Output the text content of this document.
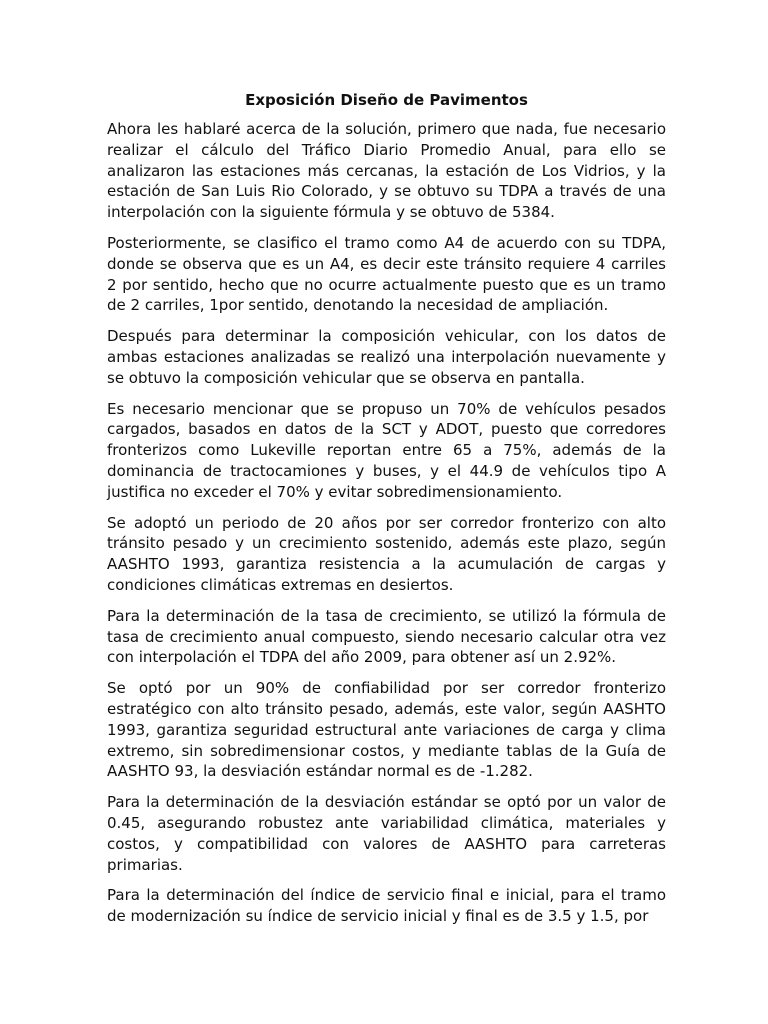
Exposición Diseño de Pavimentos

Ahora les hablaré acerca de la solución, primero que nada, fue necesario realizar el cálculo del Tráfico Diario Promedio Anual, para ello se analizaron las estaciones más cercanas, la estación de Los Vidrios, y la estación de San Luis Rio Colorado, y se obtuvo su TDPA a través de una interpolación con la siguiente fórmula y se obtuvo de 5384.

Posteriormente, se clasifico el tramo como A4 de acuerdo con su TDPA, donde se observa que es un A4, es decir este tránsito requiere 4 carriles 2 por sentido, hecho que no ocurre actualmente puesto que es un tramo de 2 carriles, 1por sentido, denotando la necesidad de ampliación.

Después para determinar la composición vehicular, con los datos de ambas estaciones analizadas se realizó una interpolación nuevamente y se obtuvo la composición vehicular que se observa en pantalla.

Es necesario mencionar que se propuso un 70% de vehículos pesados cargados, basados en datos de la SCT y ADOT, puesto que corredores fronterizos como Lukeville reportan entre 65 a 75%, además de la dominancia de tractocamiones y buses, y el 44.9 de vehículos tipo A justifica no exceder el 70% y evitar sobredimensionamiento.

Se adoptó un periodo de 20 años por ser corredor fronterizo con alto tránsito pesado y un crecimiento sostenido, además este plazo, según AASHTO 1993, garantiza resistencia a la acumulación de cargas y condiciones climáticas extremas en desiertos.

Para la determinación de la tasa de crecimiento, se utilizó la fórmula de tasa de crecimiento anual compuesto, siendo necesario calcular otra vez con interpolación el TDPA del año 2009, para obtener así un 2.92%.

Se optó por un 90% de confiabilidad por ser corredor fronterizo estratégico con alto tránsito pesado, además, este valor, según AASHTO 1993, garantiza seguridad estructural ante variaciones de carga y clima extremo, sin sobredimensionar costos, y mediante tablas de la Guía de AASHTO 93, la desviación estándar normal es de -1.282.

Para la determinación de la desviación estándar se optó por un valor de 0.45, asegurando robustez ante variabilidad climática, materiales y costos, y compatibilidad con valores de AASHTO para carreteras primarias.

Para la determinación del índice de servicio final e inicial, para el tramo de modernización su índice de servicio inicial y final es de 3.5 y 1.5, por
